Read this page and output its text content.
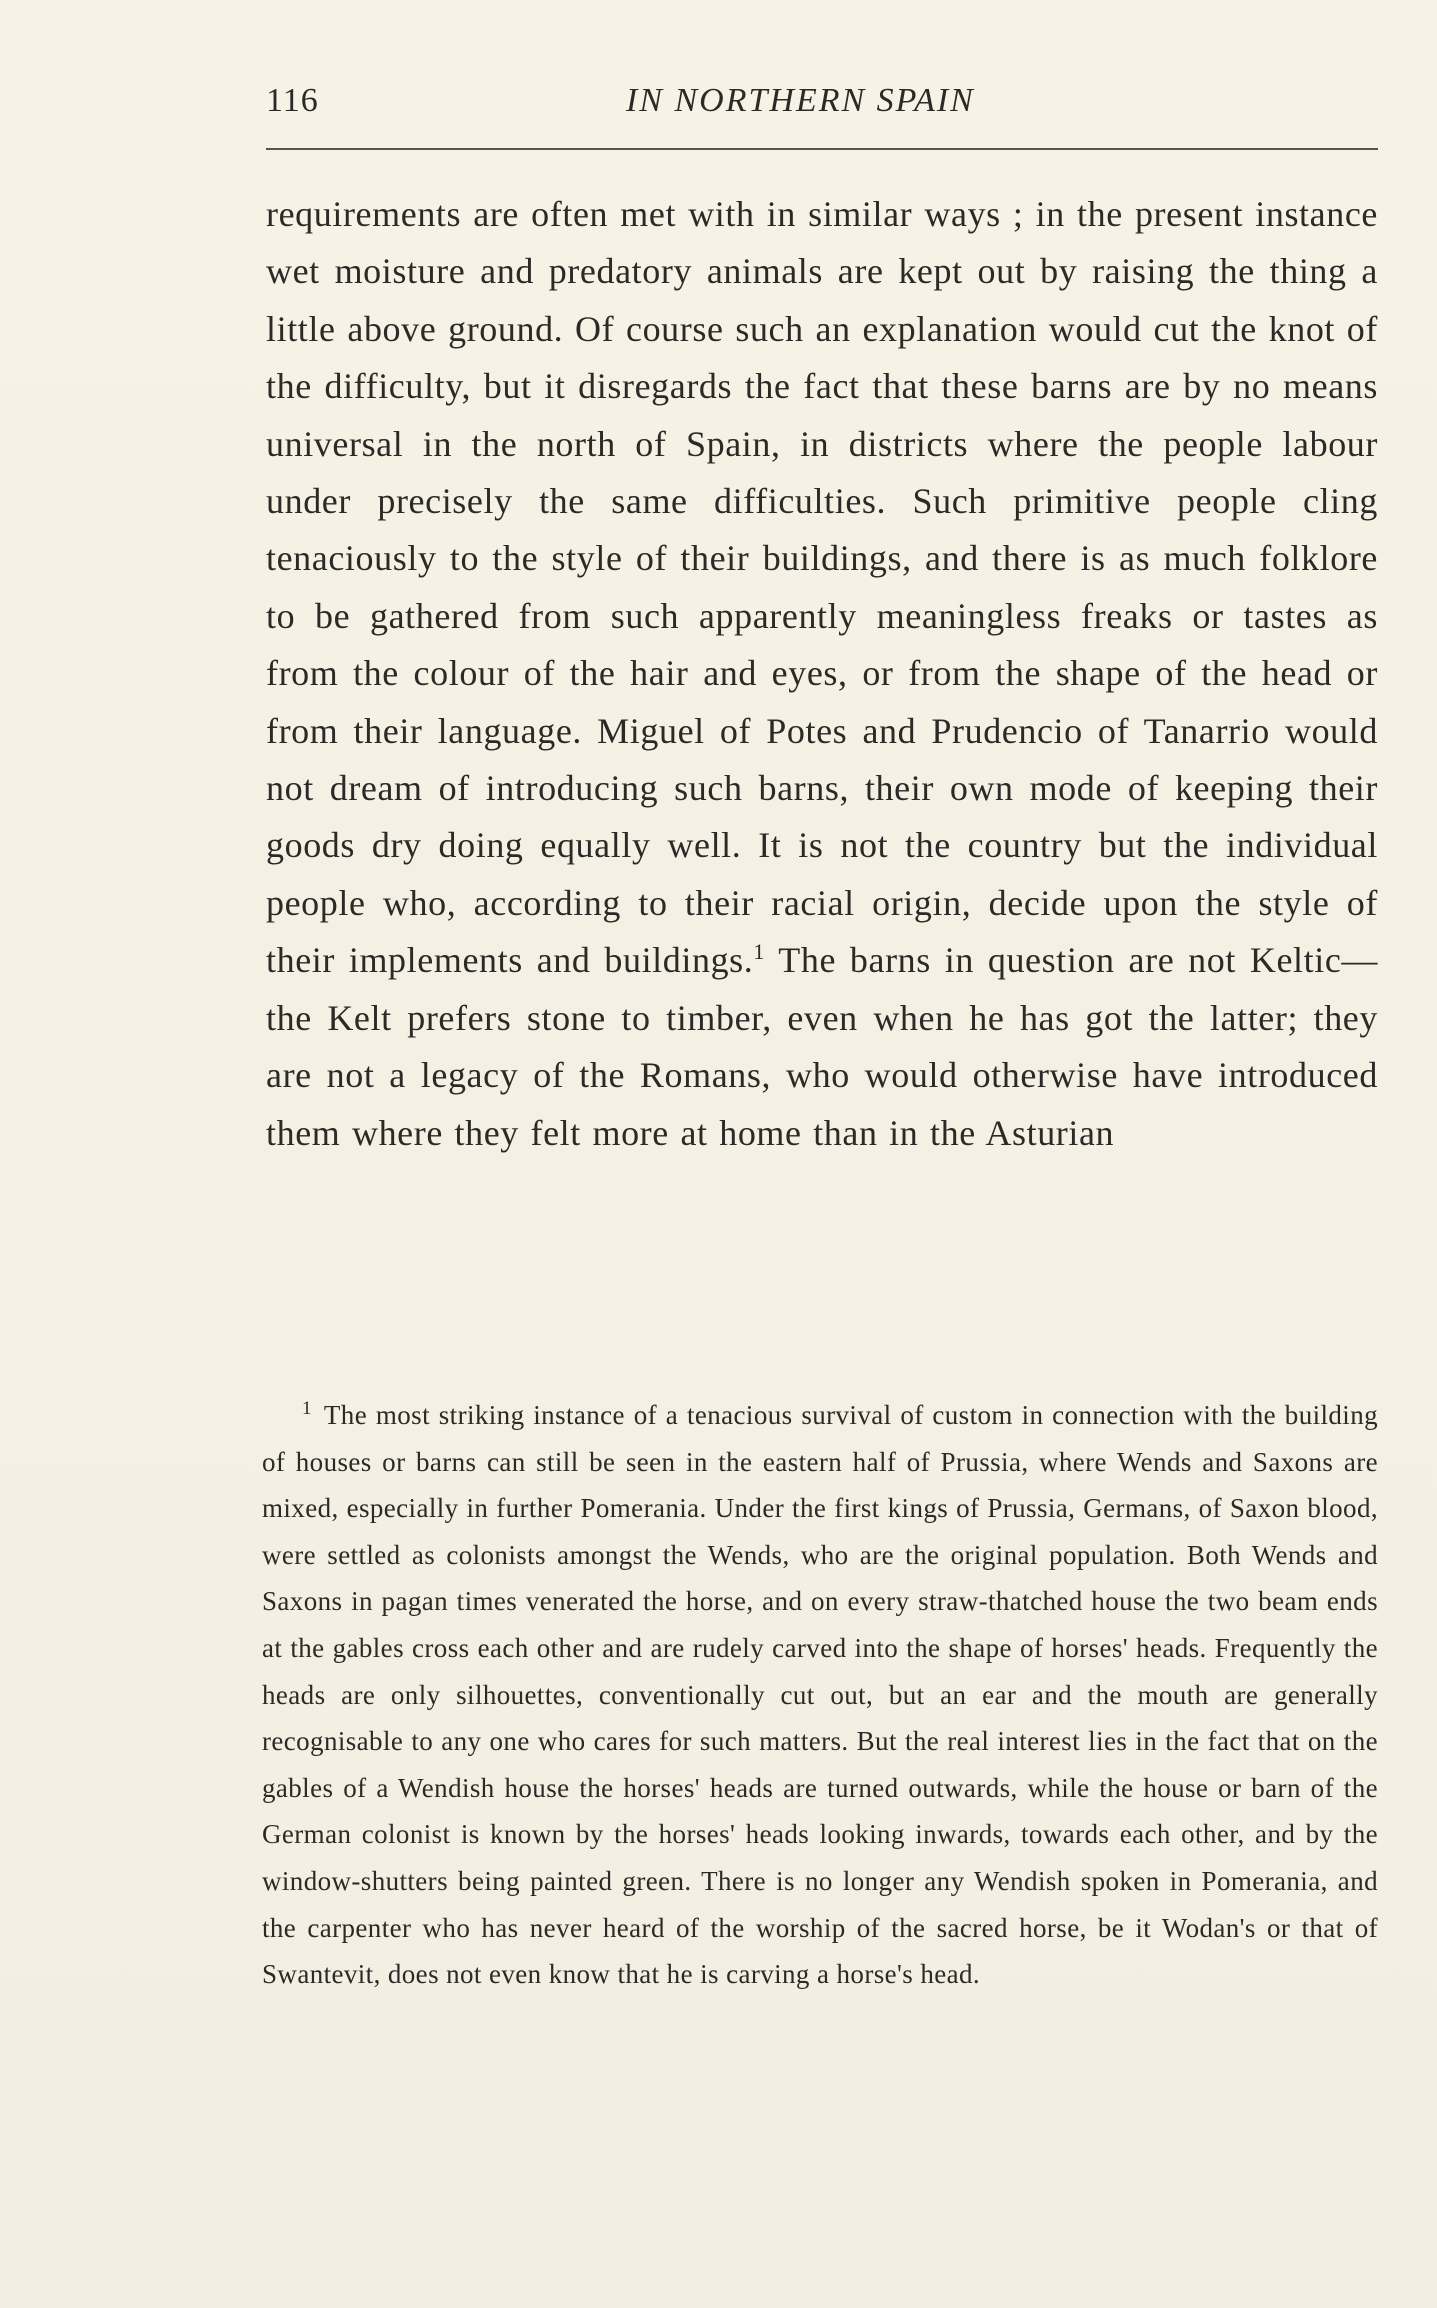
116	IN NORTHERN SPAIN

requirements are often met with in similar ways ; in the present instance wet moisture and predatory animals are kept out by raising the thing a little above ground. Of course such an explanation would cut the knot of the difficulty, but it disregards the fact that these barns are by no means universal in the north of Spain, in districts where the people labour under precisely the same difficulties. Such primitive people cling tenaciously to the style of their buildings, and there is as much folklore to be gathered from such apparently meaningless freaks or tastes as from the colour of the hair and eyes, or from the shape of the head or from their language. Miguel of Potes and Prudencio of Tanarrio would not dream of introducing such barns, their own mode of keeping their goods dry doing equally well. It is not the country but the individual people who, according to their racial origin, decide upon the style of their implements and buildings.$^1$ The barns in question are not Keltic—the Kelt prefers stone to timber, even when he has got the latter; they are not a legacy of the Romans, who would otherwise have introduced them where they felt more at home than in the Asturian

$^1$ The most striking instance of a tenacious survival of custom in connection with the building of houses or barns can still be seen in the eastern half of Prussia, where Wends and Saxons are mixed, especially in further Pomerania. Under the first kings of Prussia, Germans, of Saxon blood, were settled as colonists amongst the Wends, who are the original population. Both Wends and Saxons in pagan times venerated the horse, and on every straw-thatched house the two beam ends at the gables cross each other and are rudely carved into the shape of horses' heads. Frequently the heads are only silhouettes, conventionally cut out, but an ear and the mouth are generally recognisable to any one who cares for such matters. But the real interest lies in the fact that on the gables of a Wendish house the horses' heads are turned outwards, while the house or barn of the German colonist is known by the horses' heads looking inwards, towards each other, and by the window-shutters being painted green. There is no longer any Wendish spoken in Pomerania, and the carpenter who has never heard of the worship of the sacred horse, be it Wodan's or that of Swantevit, does not even know that he is carving a horse's head.
